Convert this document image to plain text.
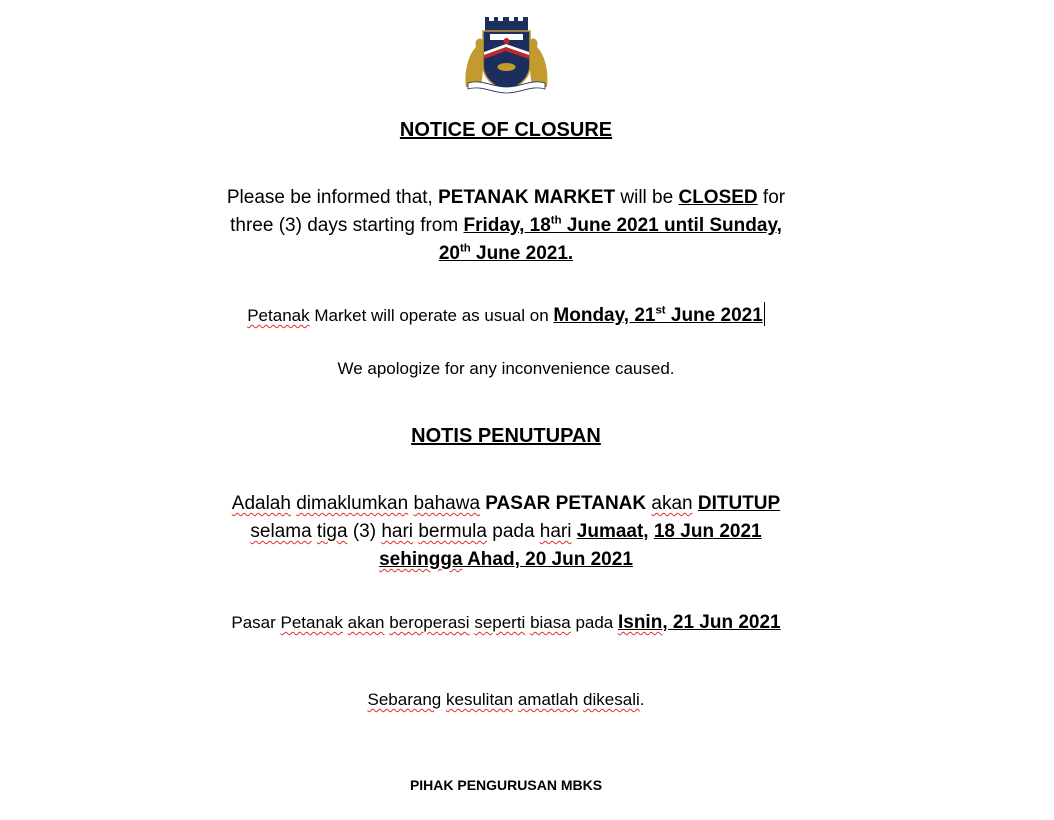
NOTICE OF CLOSURE
Please be informed that, PETANAK MARKET will be CLOSED for
three (3) days starting from Friday, 18th June 2021 until Sunday,
20th June 2021.
Petanak Market will operate as usual on Monday, 21st June 2021
We apologize for any inconvenience caused.
NOTIS PENUTUPAN
Adalah dimaklumkan bahawa PASAR PETANAK akan DITUTUP
selama tiga (3) hari bermula pada hari Jumaat, 18 Jun 2021
sehingga Ahad, 20 Jun 2021
Pasar Petanak akan beroperasi seperti biasa pada Isnin, 21 Jun 2021
Sebarang kesulitan amatlah dikesali.
PIHAK PENGURUSAN MBKS
